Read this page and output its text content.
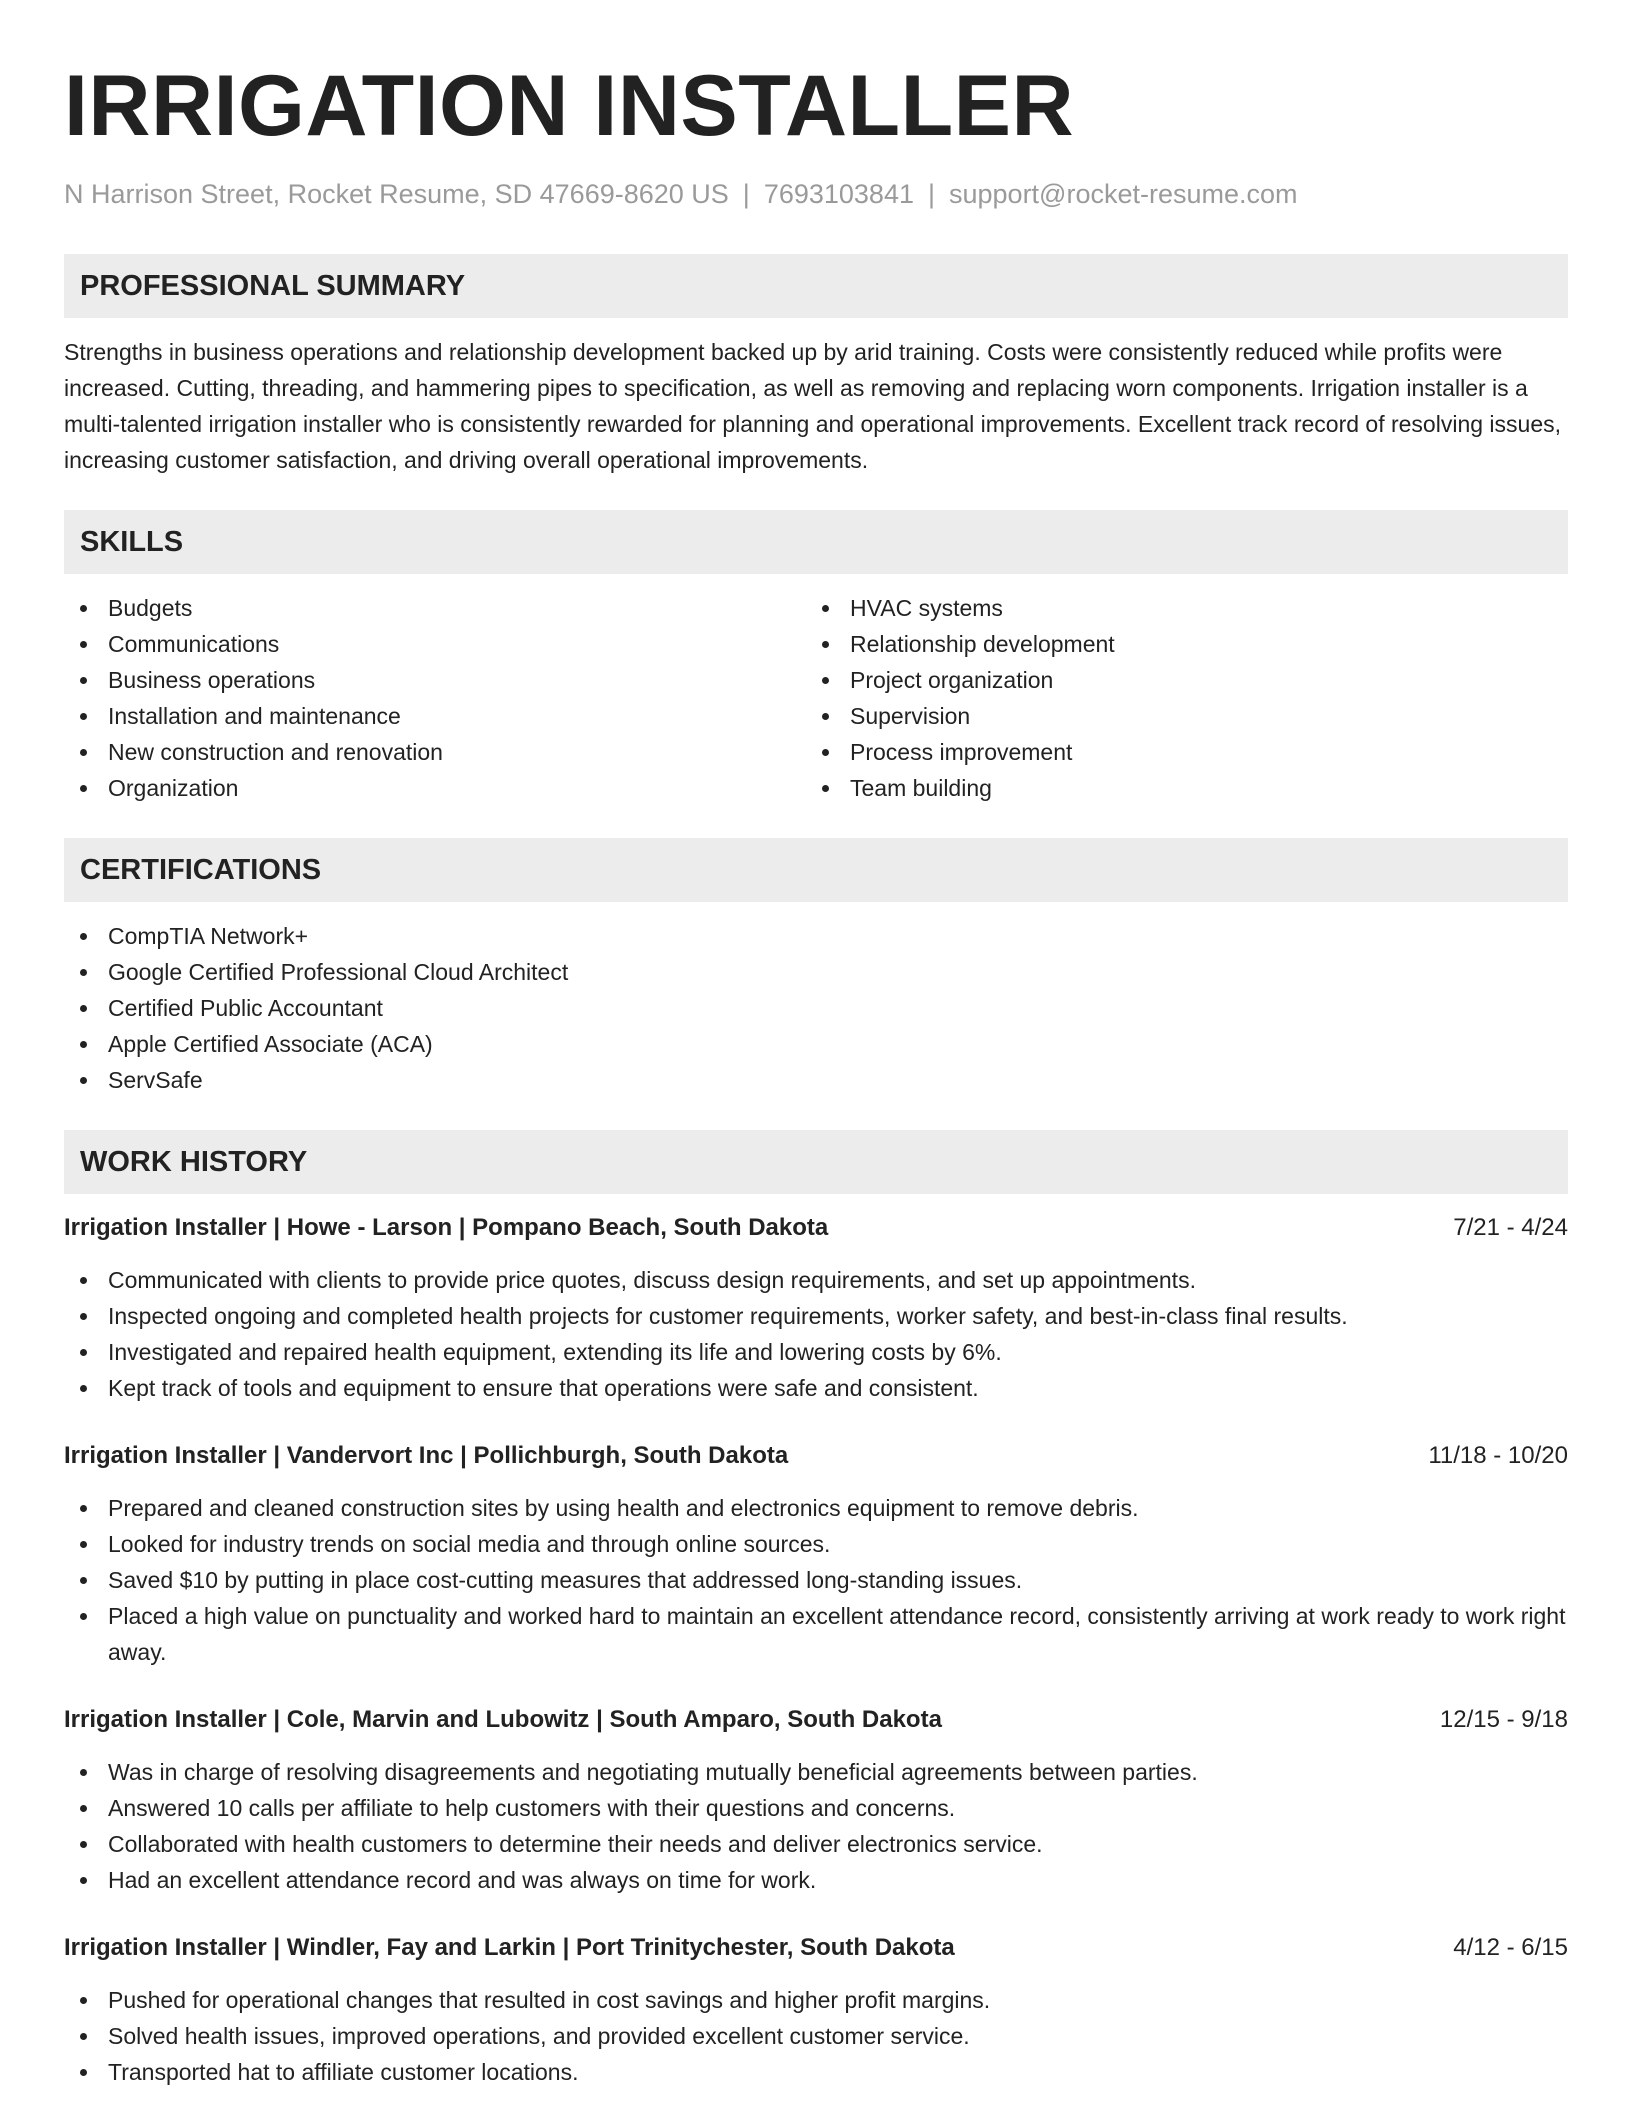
IRRIGATION INSTALLER
N Harrison Street, Rocket Resume, SD 47669-8620 US | 7693103841 | support@rocket-resume.com
PROFESSIONAL SUMMARY

Strengths in business operations and relationship development backed up by arid training. Costs were consistently reduced while profits were increased. Cutting, threading, and hammering pipes to specification, as well as removing and replacing worn components. Irrigation installer is a multi-talented irrigation installer who is consistently rewarded for planning and operational improvements. Excellent track record of resolving issues, increasing customer satisfaction, and driving overall operational improvements.

SKILLS
Budgets
Communications
Business operations
Installation and maintenance
New construction and renovation
Organization
HVAC systems
Relationship development
Project organization
Supervision
Process improvement
Team building
CERTIFICATIONS
CompTIA Network+
Google Certified Professional Cloud Architect
Certified Public Accountant
Apple Certified Associate (ACA)
ServSafe
WORK HISTORY
Irrigation Installer | Howe - Larson | Pompano Beach, South Dakota	7/21 - 4/24
Communicated with clients to provide price quotes, discuss design requirements, and set up appointments.
Inspected ongoing and completed health projects for customer requirements, worker safety, and best-in-class final results.
Investigated and repaired health equipment, extending its life and lowering costs by 6%.
Kept track of tools and equipment to ensure that operations were safe and consistent.
Irrigation Installer | Vandervort Inc | Pollichburgh, South Dakota	11/18 - 10/20
Prepared and cleaned construction sites by using health and electronics equipment to remove debris.
Looked for industry trends on social media and through online sources.
Saved $10 by putting in place cost-cutting measures that addressed long-standing issues.
Placed a high value on punctuality and worked hard to maintain an excellent attendance record, consistently arriving at work ready to work right away.
Irrigation Installer | Cole, Marvin and Lubowitz | South Amparo, South Dakota	12/15 - 9/18
Was in charge of resolving disagreements and negotiating mutually beneficial agreements between parties.
Answered 10 calls per affiliate to help customers with their questions and concerns.
Collaborated with health customers to determine their needs and deliver electronics service.
Had an excellent attendance record and was always on time for work.
Irrigation Installer | Windler, Fay and Larkin | Port Trinitychester, South Dakota	4/12 - 6/15
Pushed for operational changes that resulted in cost savings and higher profit margins.
Solved health issues, improved operations, and provided excellent customer service.
Transported hat to affiliate customer locations.
